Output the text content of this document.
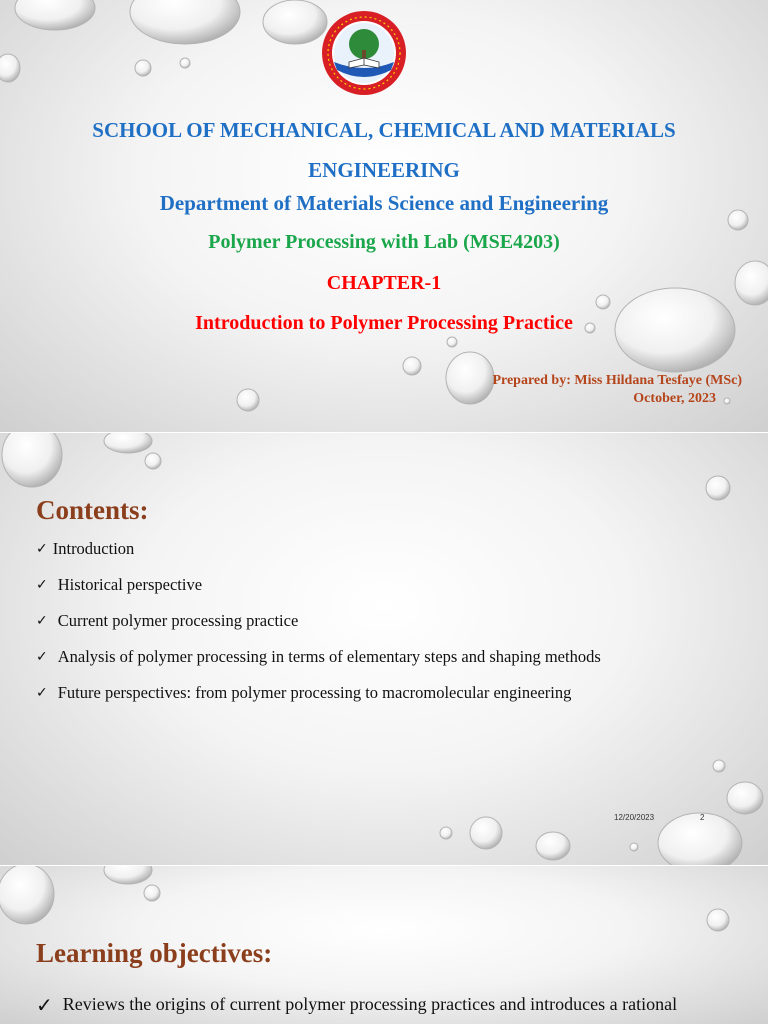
SCHOOL OF MECHANICAL, CHEMICAL AND MATERIALS
ENGINEERING
Department of Materials Science and Engineering
Polymer Processing with Lab (MSE4203)
CHAPTER-1
Introduction to Polymer Processing Practice
Prepared by: Miss Hildana Tesfaye (MSc)
October, 2023
Contents:
✓ Introduction
✓ Historical perspective
✓ Current polymer processing practice
✓ Analysis of polymer processing in terms of elementary steps and shaping methods
✓ Future perspectives: from polymer processing to macromolecular engineering
12/20/2023	2
Learning objectives:
✓ Reviews the origins of current polymer processing practices and introduces a rational
